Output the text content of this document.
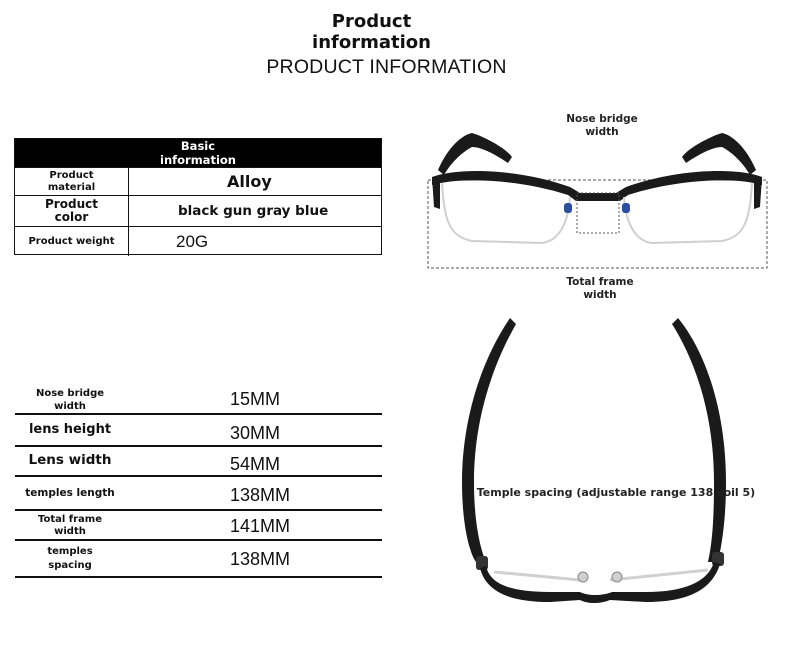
Product
information
PRODUCT INFORMATION
Basic
information
Product
material	Alloy
Product
color	black gun gray blue
Product weight	20G
Nose bridge
width	15MM
lens height	30MM
Lens width	54MM
temples length	138MM
Total frame
width	141MM
temples
spacing	138MM
Nose bridge
width
Total frame
width
Temple spacing (adjustable range 138 soil 5)
